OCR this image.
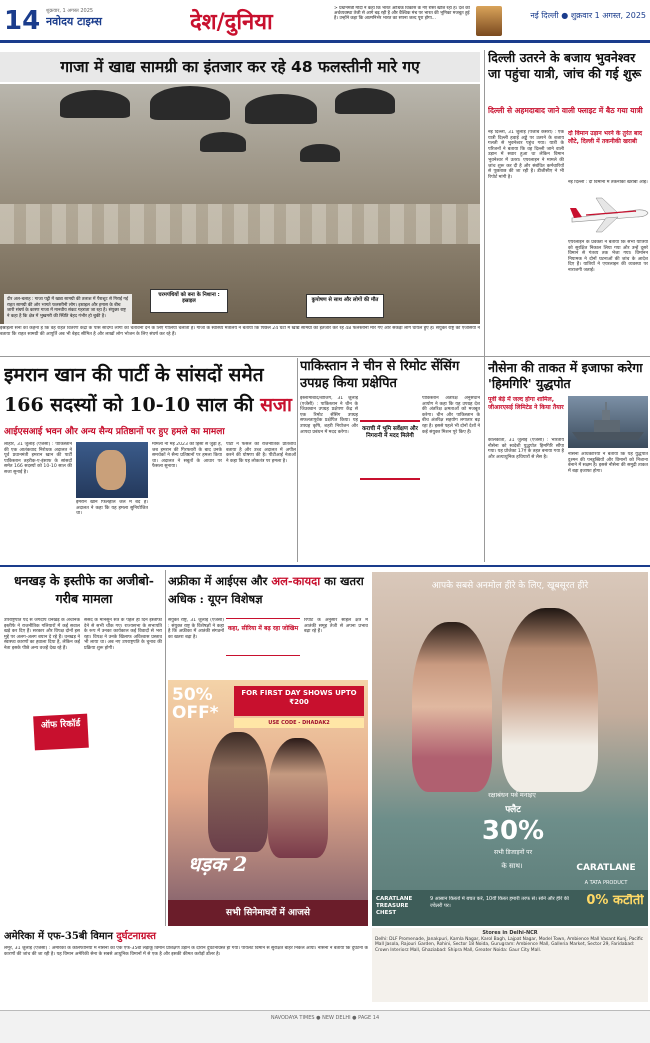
14	शुक्रवार, 1 अगस्त 2025
नवोदय टाइम्स	देश/दुनिया
> प्रधानमंत्री मोदी ने कहा कि भारत आर्थिक विकास के नए रास्ते खोज रहा है। देश की अर्थव्यवस्था तेजी से आगे बढ़ रही है और वैश्विक मंच पर भारत की भूमिका मजबूत हुई है। उन्होंने कहा कि आत्मनिर्भर भारत का सपना जल्द पूरा होगा...	नई दिल्ली ● शुक्रवार 1 अगस्त, 2025
गाजा में खाद्य सामग्री का इंतजार कर रहे 48 फलस्तीनी मारे गए
दीर अल-बलाह : गाजा पट्टी में खाद्य सामग्री की तलाश में पैराशूट से गिराई गई राहत सामग्री की ओर भागते फलस्तीनी लोग। इस्राइल और हमास के बीच जारी संघर्ष के कारण गाजा में मानवीय संकट गहराता जा रहा है। संयुक्त राष्ट्र ने कहा है कि क्षेत्र में भुखमरी की स्थिति बेहद गंभीर हो चुकी है।
चरमपंथियों को बना के निशाना : इस्राइल	कुपोषण से साथ और लोगों की मौत
इस्राइली सेना का कहना है कि वह राहत वितरण केंद्रों के पास संदिग्ध लोगों को चेतावनी देने के लिए गोलियां चलाती है। गाजा के स्वास्थ्य मंत्रालय ने बताया कि पिछले 24 घंटों में खाद्य सामग्री का इंतजार कर रहे 48 फलस्तीनी मारे गए और सैकड़ों लोग घायल हुए हैं। संयुक्त राष्ट्र की एजेंसियों ने बताया कि राहत सामग्री की आपूर्ति अब भी बेहद सीमित है और लाखों लोग भोजन के लिए संघर्ष कर रहे हैं।
दिल्ली उतरने के बजाय भुवनेश्वर जा पहुंचा यात्री, जांच की गई शुरू
दिल्ली से अहमदाबाद जाने वाली फ्लाइट में बैठ गया यात्री
नई दिल्ली, 31 जुलाई (पंजाब केसरी) : एक यात्री दिल्ली हवाई अड्डे पर उतरने के बजाय गलती से भुवनेश्वर पहुंच गया। यात्री के परिजनों ने बताया कि वह दिल्ली जाने वाली उड़ान में सवार हुआ था लेकिन विमान भुवनेश्वर में उतरा। एयरलाइन ने मामले की जांच शुरू कर दी है और संबंधित कर्मचारियों से पूछताछ की जा रही है। डीजीसीए ने भी रिपोर्ट मांगी है।
दो विमान उड़ान भरने के तुरंत बाद लौटे, दिल्ली में तकनीकी खराबी
नई दिल्ली : दो विमानों में तकनीकी खराबी आई।
एयरलाइन के प्रवक्ता ने बताया कि सभी यात्रियों को सुरक्षित निकाल लिया गया और उन्हें दूसरे विमान से गंतव्य तक भेजा गया। विमानन नियामक ने दोनों घटनाओं की जांच के आदेश दिए हैं। यात्रियों ने एयरलाइन की व्यवस्था पर नाराजगी जताई।
इमरान खान की पार्टी के सांसदों समेत
166 सदस्यों को 10-10 साल की सजा
आईएसआई भवन और अन्य सैन्य प्रतिष्ठानों पर हुए हमले का मामला
लाहौर, 31 जुलाई (एजेंसी) : पाकिस्तान की एक आतंकवाद निरोधक अदालत ने पूर्व प्रधानमंत्री इमरान खान की पार्टी पाकिस्तान तहरीक-ए-इंसाफ के सांसदों समेत 166 सदस्यों को 10-10 साल की सजा सुनाई है।
इमरान खान फिलहाल जेल में बंद हैं। अदालत ने कहा कि यह हमला सुनियोजित था।
मामला नौ मई 2023 की हिंसा से जुड़ा है, जब इमरान की गिरफ्तारी के बाद उनके समर्थकों ने सैन्य प्रतिष्ठानों पर हमला किया था। अदालत ने सबूतों के आधार पर फैसला सुनाया।
पार्टी ने फैसले को राजनीतिक प्रतिशोध बताया है और उच्च अदालत में अपील करने की घोषणा की है। पीटीआई नेताओं ने कहा कि यह लोकतंत्र पर हमला है।
पाकिस्तान ने चीन से रिमोट सेंसिंग उपग्रह किया प्रक्षेपित
इस्लामाबाद/बीजिंग, 31 जुलाई (एजेंसी) : पाकिस्तान ने चीन के जिउक्वान उपग्रह प्रक्षेपण केंद्र से एक रिमोट सेंसिंग उपग्रह सफलतापूर्वक प्रक्षेपित किया। यह उपग्रह कृषि, शहरी नियोजन और आपदा प्रबंधन में मदद करेगा।
कराची में भूमि सर्वेक्षण और निगरानी में मदद मिलेगी
पाकिस्तान अंतरिक्ष अनुसंधान आयोग ने कहा कि यह उपग्रह देश की अंतरिक्ष क्षमताओं को मजबूत करेगा। चीन और पाकिस्तान के बीच अंतरिक्ष सहयोग लगातार बढ़ रहा है। इससे पहले भी दोनों देशों ने कई संयुक्त मिशन पूरे किए हैं।
नौसेना की ताकत में इजाफा करेगा 'हिमगिरि' युद्धपोत
पूर्वी बेड़े में जल्द होगा शामिल, जीआरएसई लिमिटेड ने किया तैयार
कोलकाता, 31 जुलाई (एजेंसी) : भारतीय नौसेना को स्वदेशी युद्धपोत हिमगिरि सौंपा गया। यह प्रोजेक्ट 17ए के तहत बनाया गया है और अत्याधुनिक हथियारों से लैस है।
नौसेना अधिकारियों ने बताया कि यह युद्धपोत दुश्मन की पनडुब्बियों और विमानों को निशाना बनाने में सक्षम है। इससे नौसेना की समुद्री ताकत में बड़ा इजाफा होगा।
धनखड़ के इस्तीफे का अजीबो-गरीब मामला
उपराष्ट्रपति पद से जगदीप धनखड़ के अचानक इस्तीफे ने राजनीतिक गलियारों में कई सवाल खड़े कर दिए हैं। सरकार और विपक्ष दोनों इस मुद्दे पर अलग-अलग बयान दे रहे हैं। धनखड़ ने स्वास्थ्य कारणों का हवाला दिया है, लेकिन कई नेता इसके पीछे अन्य वजहें देख रहे हैं।
संसद के मानसून सत्र के पहले ही दिन इस्तीफा देने से सभी चौंक गए। राज्यसभा के सभापति के रूप में उनका कार्यकाल कई विवादों से भरा रहा। विपक्ष ने उनके खिलाफ अविश्वास प्रस्ताव भी लाया था। अब नए उपराष्ट्रपति के चुनाव की प्रक्रिया शुरू होगी।
ऑफ रिकॉर्ड
अफ्रीका में आईएस और अल-कायदा का खतरा अधिक : यूएन विशेषज्ञ
संयुक्त राष्ट्र, 31 जुलाई (एजेंसी) : संयुक्त राष्ट्र के विशेषज्ञों ने कहा है कि अफ्रीका में आतंकी संगठनों का खतरा बढ़ा है।
कहा, सीरिया में बढ़ रहा जोखिम
रिपोर्ट के अनुसार साहेल क्षेत्र में आतंकी समूह तेजी से अपना प्रभाव बढ़ा रहे हैं।
50% OFF*
FOR FIRST DAY SHOWS UPTO ₹200
USE CODE - DHADAK2
धड़क 2
सभी सिनेमाघरों में आजसे
आपके सबसे अनमोल हीरे के लिए, खूबसूरत हीरे
रक्षाबंधन पर्व मनाइए
फ्लैट
30%
सभी डिजाइनों पर
के साथ।	CARATLANE
A TATA PRODUCT
CARATLANE TREASURE CHEST
9 आसान किस्तों में बचत करें, 10वीं किस्त हमारी तरफ से। सोने और हीरे की ज्वेलरी पर।	0% कटौती
Stores in Delhi-NCR
Delhi: DLF Promenade, Janakpuri, Kamla Nagar, Karol Bagh, Lajpat Nagar, Model Town, Ambience Mall Vasant Kunj, Pacific Mall Jasola, Rajouri Garden, Rohini, Sector 18 Noida, Gurugram: Ambience Mall, Galleria Market, Sector 29, Faridabad: Crown Interiorz Mall, Ghaziabad: Shipra Mall, Greater Noida: Gaur City Mall.
अमेरिका में एफ-35बी विमान दुर्घटनाग्रस्त
लेमूर, 31 जुलाई (एजेंसी) : अमेरिका के कैलिफोर्निया में नौसेना का एक एफ-35बी लड़ाकू विमान प्रशिक्षण उड़ान के दौरान दुर्घटनाग्रस्त हो गया। पायलट विमान से सुरक्षित बाहर निकल आया। नौसेना ने बताया कि दुर्घटना के कारणों की जांच की जा रही है। यह विमान अमेरिकी सेना के सबसे आधुनिक विमानों में से एक है और इसकी कीमत करोड़ों डॉलर है।
NAVODAYA TIMES ● NEW DELHI ● PAGE 14
